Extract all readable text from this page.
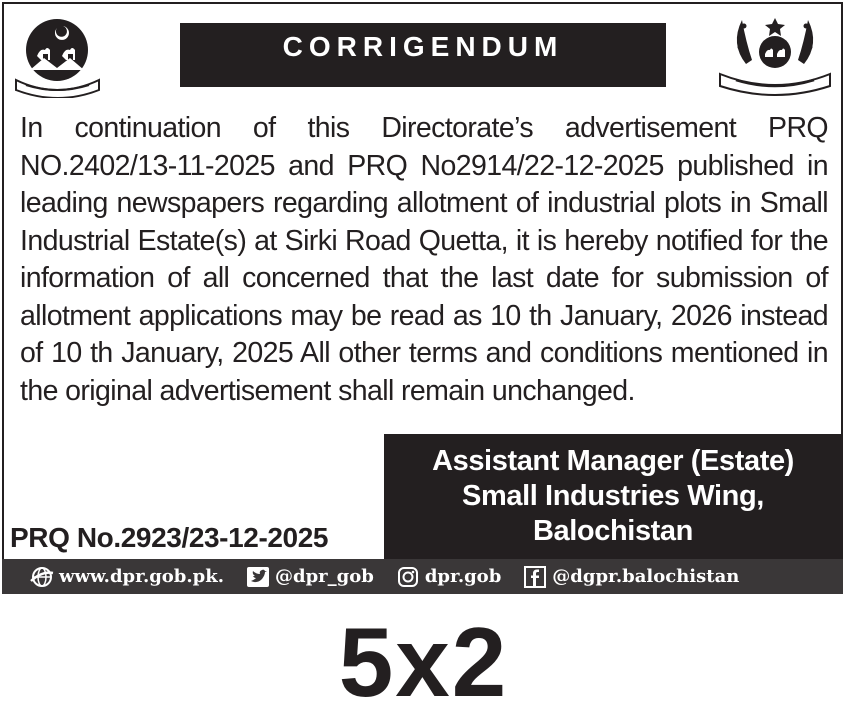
CORRIGENDUM
In continuation of this Directorate’s advertisement PRQ NO.2402/13-11-2025 and PRQ No2914/22-12-2025 published in leading newspapers regarding allotment of industrial plots in Small Industrial Estate(s) at Sirki Road Quetta, it is hereby notified for the information of all concerned that the last date for submission of allotment applications may be read as 10 th January, 2026 instead of 10 th January, 2025 All other terms and conditions mentioned in the original advertisement shall remain unchanged.
Assistant Manager (Estate)
Small Industries Wing,
Balochistan
PRQ No.2923/23-12-2025
www.dpr.gob.pk.	@dpr_gob	dpr.gob	@dgpr.balochistan
5x2
